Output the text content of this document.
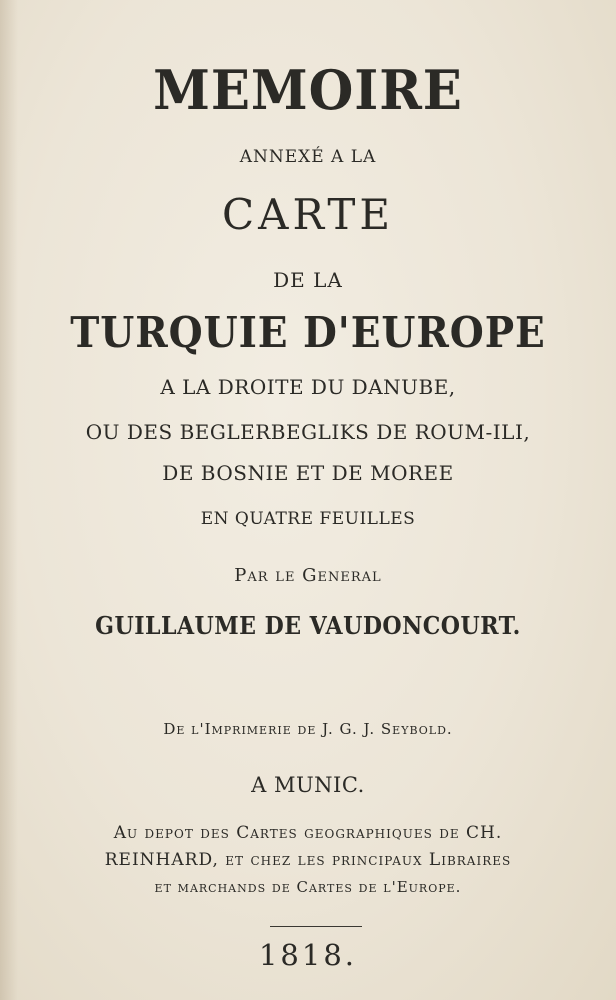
MEMOIRE
ANNEXÉ A LA
CARTE
DE LA
TURQUIE D'EUROPE
A LA DROITE DU DANUBE,
OU DES BEGLERBEGLIKS DE ROUM-ILI,
DE BOSNIE ET DE MOREE
EN QUATRE FEUILLES
Par le General
GUILLAUME DE VAUDONCOURT.
De l'Imprimerie de J. G. J. Seybold.
A MUNIC.
Au depot des Cartes geographiques de CH.
REINHARD, et chez les principaux Libraires
et marchands de Cartes de l'Europe.
1818.
